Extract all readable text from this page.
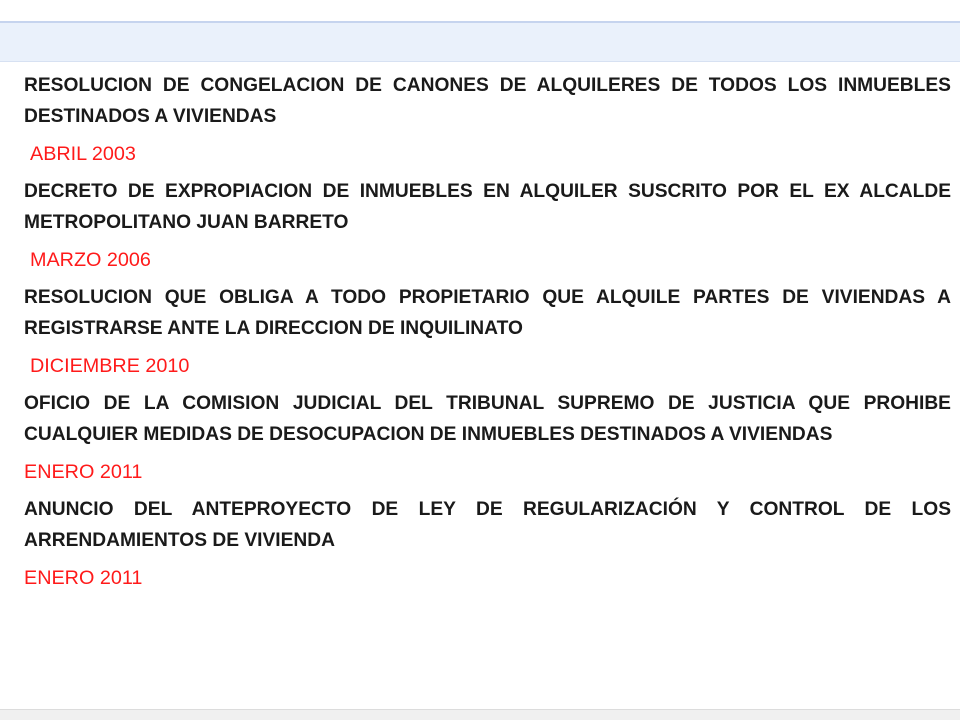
RESOLUCION DE CONGELACION DE CANONES DE ALQUILERES DE TODOS LOS INMUEBLES DESTINADOS A VIVIENDAS

ABRIL 2003

DECRETO DE EXPROPIACION DE INMUEBLES EN ALQUILER SUSCRITO POR EL EX ALCALDE METROPOLITANO JUAN BARRETO

MARZO 2006

RESOLUCION QUE OBLIGA A TODO PROPIETARIO QUE ALQUILE PARTES DE VIVIENDAS A REGISTRARSE ANTE LA DIRECCION DE INQUILINATO

DICIEMBRE 2010

OFICIO DE LA COMISION JUDICIAL DEL TRIBUNAL SUPREMO DE JUSTICIA QUE PROHIBE CUALQUIER MEDIDAS DE DESOCUPACION DE INMUEBLES DESTINADOS A VIVIENDAS

ENERO 2011

ANUNCIO DEL ANTEPROYECTO DE LEY DE REGULARIZACIÓN Y CONTROL DE LOS ARRENDAMIENTOS DE VIVIENDA

ENERO 2011
